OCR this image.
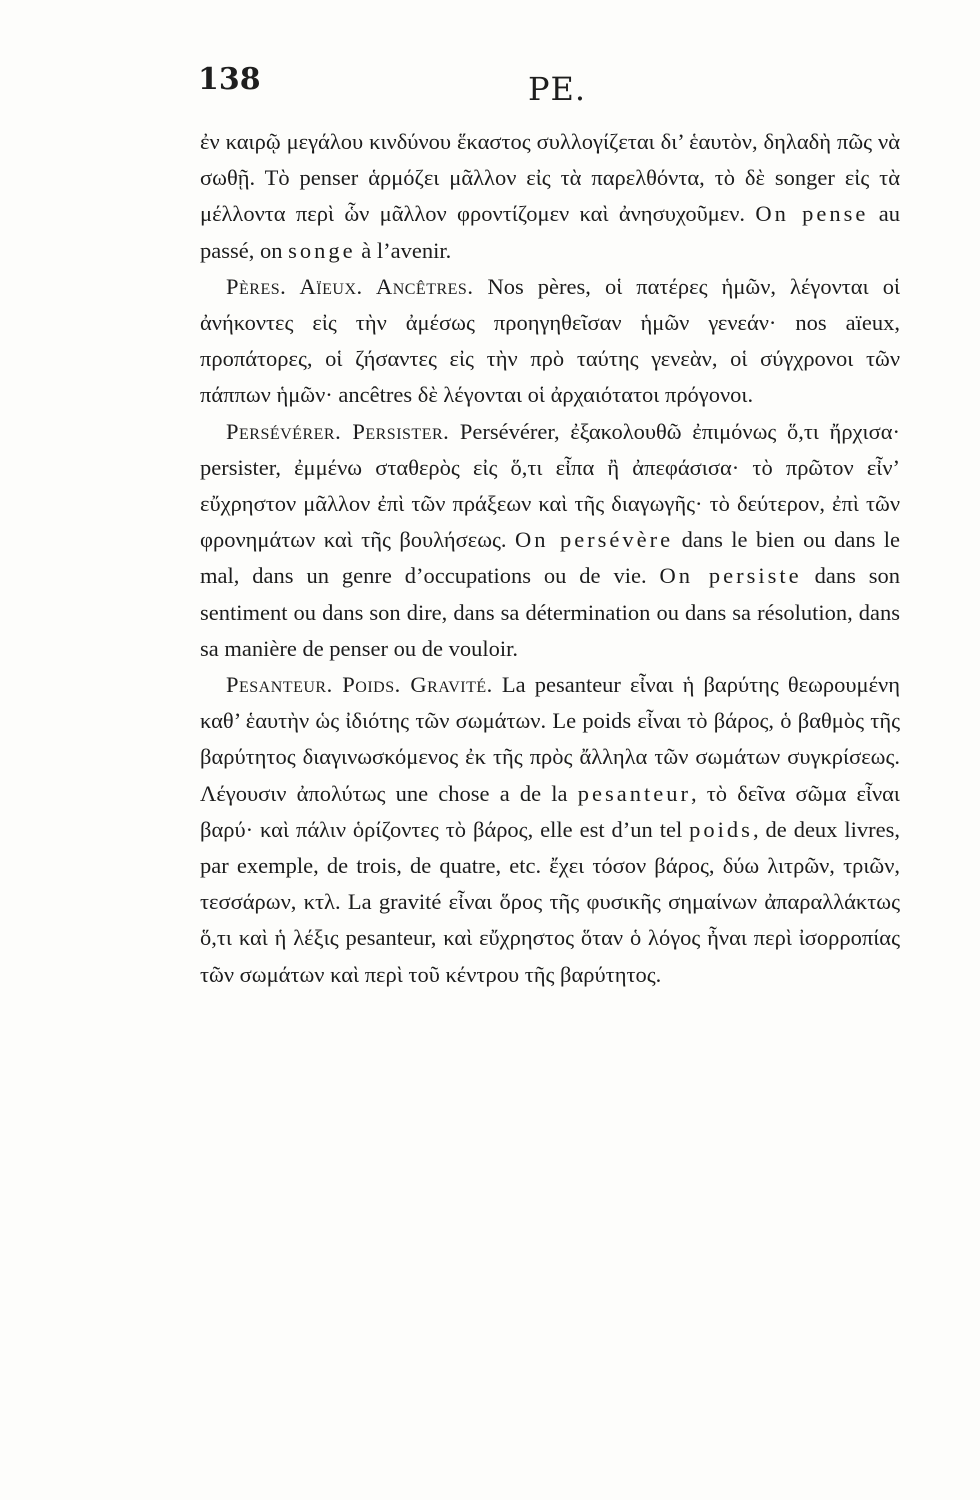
138	PE.

ἐν καιρῷ μεγάλου κινδύνου ἕκαστος συλλογίζεται δι’ ἑαυτὸν, δηλαδὴ πῶς νὰ σωθῇ. Τὸ penser ἁρμόζει μᾶλλον εἰς τὰ παρελθόντα, τὸ δὲ songer εἰς τὰ μέλλοντα περὶ ὧν μᾶλλον φροντίζομεν καὶ ἀνησυχοῦμεν. On pense au passé, on songe à l’avenir.

Pères. Aïeux. Ancêtres. Nos pères, οἱ πατέρες ἡμῶν, λέγονται οἱ ἀνήκοντες εἰς τὴν ἀμέσως προηγηθεῖσαν ἡμῶν γενεάν· nos aïeux, προπάτορες, οἱ ζήσαντες εἰς τὴν πρὸ ταύτης γενεὰν, οἱ σύγχρονοι τῶν πάππων ἡμῶν· ancêtres δὲ λέγονται οἱ ἀρχαιότατοι πρόγονοι.

Persévérer. Persister. Persévérer, ἐξακολουθῶ ἐπιμόνως ὅ,τι ἤρχισα· persister, ἐμμένω σταθερὸς εἰς ὅ,τι εἶπα ἢ ἀπεφάσισα· τὸ πρῶτον εἶν’ εὔχρηστον μᾶλλον ἐπὶ τῶν πράξεων καὶ τῆς διαγωγῆς· τὸ δεύτερον, ἐπὶ τῶν φρονημάτων καὶ τῆς βουλήσεως. On persévère dans le bien ou dans le mal, dans un genre d’occupations ou de vie. On persiste dans son sentiment ou dans son dire, dans sa détermination ou dans sa résolution, dans sa manière de penser ou de vouloir.

Pesanteur. Poids. Gravité. La pesanteur εἶναι ἡ βαρύτης θεωρουμένη καθ’ ἑαυτὴν ὡς ἰδιότης τῶν σωμάτων. Le poids εἶναι τὸ βάρος, ὁ βαθμὸς τῆς βαρύτητος διαγινωσκόμενος ἐκ τῆς πρὸς ἄλληλα τῶν σωμάτων συγκρίσεως. Λέγουσιν ἀπολύτως une chose a de la pesanteur, τὸ δεῖνα σῶμα εἶναι βαρύ· καὶ πάλιν ὁρίζοντες τὸ βάρος, elle est d’un tel poids, de deux livres, par exemple, de trois, de quatre, etc. ἔχει τόσον βάρος, δύω λιτρῶν, τριῶν, τεσσάρων, κτλ. La gravité εἶναι ὅρος τῆς φυσικῆς σημαίνων ἀπαραλλάκτως ὅ,τι καὶ ἡ λέξις pesanteur, καὶ εὔχρηστος ὅταν ὁ λόγος ἦναι περὶ ἰσορροπίας τῶν σωμάτων καὶ περὶ τοῦ κέντρου τῆς βαρύτητος.
